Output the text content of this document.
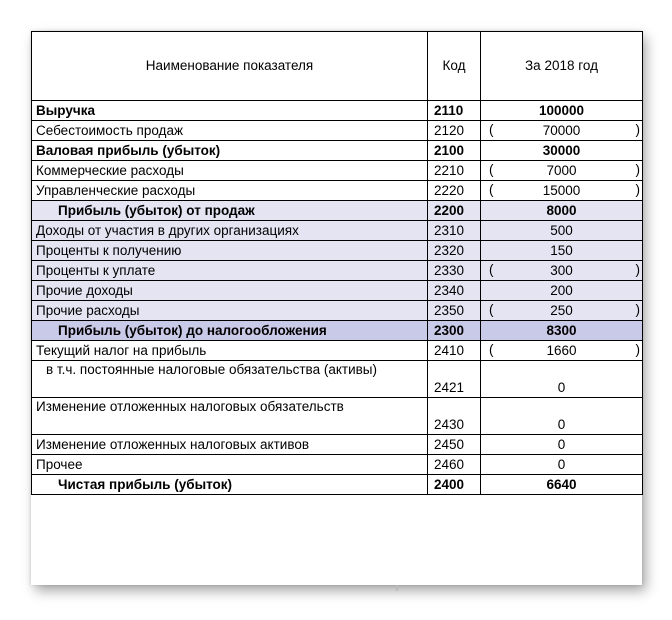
Наименование показателя	Код	За 2018 год
Выручка	2110	100000
Себестоимость продаж	2120	( 70000 )

Валовая прибыль (убыток)	2100	30000
Коммерческие расходы	2210	( 7000 )

Управленческие расходы	2220	( 15000 )

Прибыль (убыток) от продаж	2200	8000
Доходы от участия в других организациях	2310	500
Проценты к получению	2320	150
Проценты к уплате	2330	( 300 )

Прочие доходы	2340	200
Прочие расходы	2350	( 250 )

Прибыль (убыток) до налогообложения	2300	8300
Текущий налог на прибыль	2410	( 1660 )

в т.ч. постоянные налоговые обязательства (активы)	2421	0
Изменение отложенных налоговых обязательств	2430	0
Изменение отложенных налоговых активов	2450	0
Прочее	2460	0
Чистая прибыль (убыток)	2400	6640
